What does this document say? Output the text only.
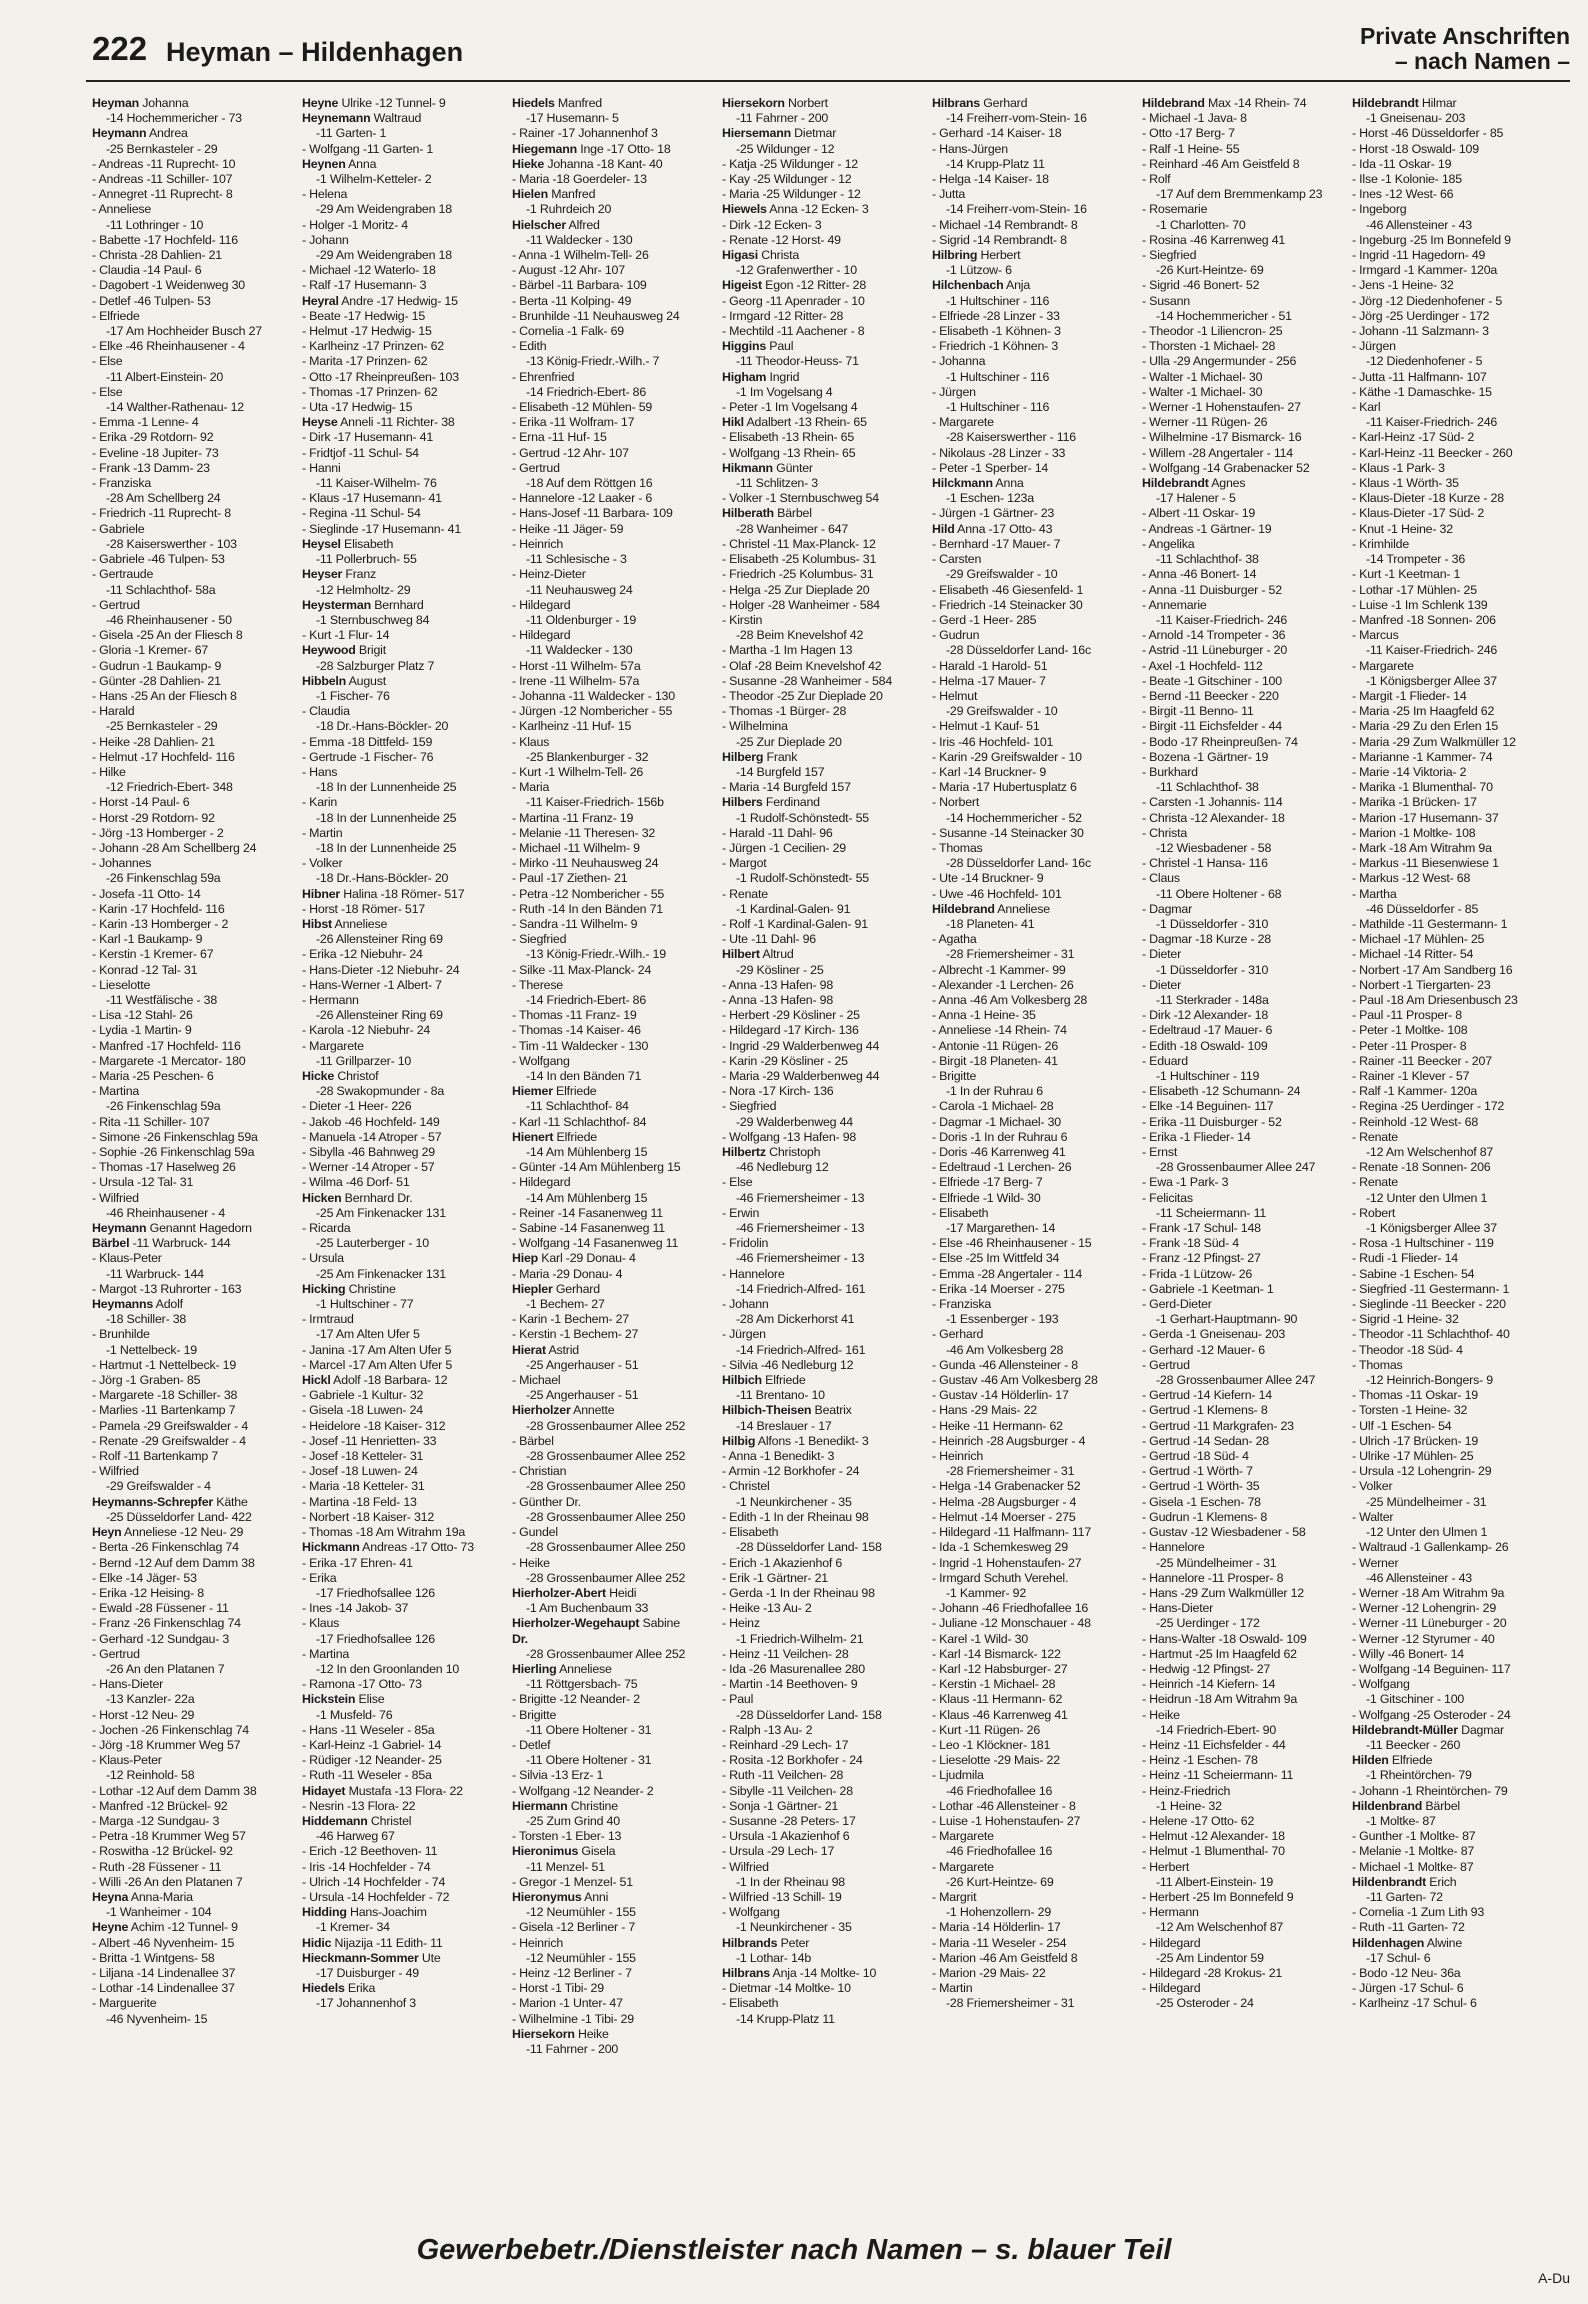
222 Heyman – Hildenhagen
Private Anschriften
– nach Namen –
Heyman Johanna
-14 Hochemmericher - 73
Heymann Andrea
-25 Bernkasteler - 29
- Andreas -11 Ruprecht- 10
- Andreas -11 Schiller- 107
- Annegret -11 Ruprecht- 8
- Anneliese
-11 Lothringer - 10
- Babette -17 Hochfeld- 116
- Christa -28 Dahlien- 21
- Claudia -14 Paul- 6
- Dagobert -1 Weidenweg 30
- Detlef -46 Tulpen- 53
- Elfriede
-17 Am Hochheider Busch 27
- Elke -46 Rheinhausener - 4
- Else
-11 Albert-Einstein- 20
- Else
-14 Walther-Rathenau- 12
- Emma -1 Lenne- 4
- Erika -29 Rotdorn- 92
- Eveline -18 Jupiter- 73
- Frank -13 Damm- 23
- Franziska
-28 Am Schellberg 24
- Friedrich -11 Ruprecht- 8
- Gabriele
-28 Kaiserswerther - 103
- Gabriele -46 Tulpen- 53
- Gertraude
-11 Schlachthof- 58a
- Gertrud
-46 Rheinhausener - 50
- Gisela -25 An der Fliesch 8
- Gloria -1 Kremer- 67
- Gudrun -1 Baukamp- 9
- Günter -28 Dahlien- 21
- Hans -25 An der Fliesch 8
- Harald
-25 Bernkasteler - 29
- Heike -28 Dahlien- 21
- Helmut -17 Hochfeld- 116
- Hilke
-12 Friedrich-Ebert- 348
- Horst -14 Paul- 6
- Horst -29 Rotdorn- 92
- Jörg -13 Homberger - 2
- Johann -28 Am Schellberg 24
- Johannes
-26 Finkenschlag 59a
- Josefa -11 Otto- 14
- Karin -17 Hochfeld- 116
- Karin -13 Homberger - 2
- Karl -1 Baukamp- 9
- Kerstin -1 Kremer- 67
- Konrad -12 Tal- 31
- Lieselotte
-11 Westfälische - 38
- Lisa -12 Stahl- 26
- Lydia -1 Martin- 9
- Manfred -17 Hochfeld- 116
- Margarete -1 Mercator- 180
- Maria -25 Peschen- 6
- Martina
-26 Finkenschlag 59a
- Rita -11 Schiller- 107
- Simone -26 Finkenschlag 59a
- Sophie -26 Finkenschlag 59a
- Thomas -17 Haselweg 26
- Ursula -12 Tal- 31
- Wilfried
-46 Rheinhausener - 4
Heymann Genannt Hagedorn
Bärbel -11 Warbruck- 144
- Klaus-Peter
-11 Warbruck- 144
- Margot -13 Ruhrorter - 163
Heymanns Adolf
-18 Schiller- 38
- Brunhilde
-1 Nettelbeck- 19
- Hartmut -1 Nettelbeck- 19
- Jörg -1 Graben- 85
- Margarete -18 Schiller- 38
- Marlies -11 Bartenkamp 7
- Pamela -29 Greifswalder - 4
- Renate -29 Greifswalder - 4
- Rolf -11 Bartenkamp 7
- Wilfried
-29 Greifswalder - 4
Heymanns-Schrepfer Käthe
-25 Düsseldorfer Land- 422
Heyn Anneliese -12 Neu- 29
- Berta -26 Finkenschlag 74
- Bernd -12 Auf dem Damm 38
- Elke -14 Jäger- 53
- Erika -12 Heising- 8
- Ewald -28 Füssener - 11
- Franz -26 Finkenschlag 74
- Gerhard -12 Sundgau- 3
- Gertrud
-26 An den Platanen 7
- Hans-Dieter
-13 Kanzler- 22a
- Horst -12 Neu- 29
- Jochen -26 Finkenschlag 74
- Jörg -18 Krummer Weg 57
- Klaus-Peter
-12 Reinhold- 58
- Lothar -12 Auf dem Damm 38
- Manfred -12 Brückel- 92
- Marga -12 Sundgau- 3
- Petra -18 Krummer Weg 57
- Roswitha -12 Brückel- 92
- Ruth -28 Füssener - 11
- Willi -26 An den Platanen 7
Heyna Anna-Maria
-1 Wanheimer - 104
Heyne Achim -12 Tunnel- 9
- Albert -46 Nyvenheim- 15
- Britta -1 Wintgens- 58
- Liljana -14 Lindenallee 37
- Lothar -14 Lindenallee 37
- Marguerite
-46 Nyvenheim- 15
Heyne Ulrike -12 Tunnel- 9
Heynemann Waltraud
-11 Garten- 1
- Wolfgang -11 Garten- 1
Heynen Anna
-1 Wilhelm-Ketteler- 2
- Helena
-29 Am Weidengraben 18
- Holger -1 Moritz- 4
- Johann
-29 Am Weidengraben 18
- Michael -12 Waterlo- 18
- Ralf -17 Husemann- 3
Heyral Andre -17 Hedwig- 15
- Beate -17 Hedwig- 15
- Helmut -17 Hedwig- 15
- Karlheinz -17 Prinzen- 62
- Marita -17 Prinzen- 62
- Otto -17 Rheinpreußen- 103
- Thomas -17 Prinzen- 62
- Uta -17 Hedwig- 15
Heyse Anneli -11 Richter- 38
- Dirk -17 Husemann- 41
- Fridtjof -11 Schul- 54
- Hanni
-11 Kaiser-Wilhelm- 76
- Klaus -17 Husemann- 41
- Regina -11 Schul- 54
- Sieglinde -17 Husemann- 41
Heysel Elisabeth
-11 Pollerbruch- 55
Heyser Franz
-12 Helmholtz- 29
Heysterman Bernhard
-1 Sternbuschweg 84
- Kurt -1 Flur- 14
Heywood Brigit
-28 Salzburger Platz 7
Hibbeln August
-1 Fischer- 76
- Claudia
-18 Dr.-Hans-Böckler- 20
- Emma -18 Dittfeld- 159
- Gertrude -1 Fischer- 76
- Hans
-18 In der Lunnenheide 25
- Karin
-18 In der Lunnenheide 25
- Martin
-18 In der Lunnenheide 25
- Volker
-18 Dr.-Hans-Böckler- 20
Hibner Halina -18 Römer- 517
- Horst -18 Römer- 517
Hibst Anneliese
-26 Allensteiner Ring 69
- Erika -12 Niebuhr- 24
- Hans-Dieter -12 Niebuhr- 24
- Hans-Werner -1 Albert- 7
- Hermann
-26 Allensteiner Ring 69
- Karola -12 Niebuhr- 24
- Margarete
-11 Grillparzer- 10
Hicke Christof
-28 Swakopmunder - 8a
- Dieter -1 Heer- 226
- Jakob -46 Hochfeld- 149
- Manuela -14 Atroper - 57
- Sibylla -46 Bahnweg 29
- Werner -14 Atroper - 57
- Wilma -46 Dorf- 51
Hicken Bernhard Dr.
-25 Am Finkenacker 131
- Ricarda
-25 Lauterberger - 10
- Ursula
-25 Am Finkenacker 131
Hicking Christine
-1 Hultschiner - 77
- Irmtraud
-17 Am Alten Ufer 5
- Janina -17 Am Alten Ufer 5
- Marcel -17 Am Alten Ufer 5
Hickl Adolf -18 Barbara- 12
- Gabriele -1 Kultur- 32
- Gisela -18 Luwen- 24
- Heidelore -18 Kaiser- 312
- Josef -11 Henrietten- 33
- Josef -18 Ketteler- 31
- Josef -18 Luwen- 24
- Maria -18 Ketteler- 31
- Martina -18 Feld- 13
- Norbert -18 Kaiser- 312
- Thomas -18 Am Witrahm 19a
Hickmann Andreas -17 Otto- 73
- Erika -17 Ehren- 41
- Erika
-17 Friedhofsallee 126
- Ines -14 Jakob- 37
- Klaus
-17 Friedhofsallee 126
- Martina
-12 In den Groonlanden 10
- Ramona -17 Otto- 73
Hickstein Elise
-1 Musfeld- 76
- Hans -11 Weseler - 85a
- Karl-Heinz -1 Gabriel- 14
- Rüdiger -12 Neander- 25
- Ruth -11 Weseler - 85a
Hidayet Mustafa -13 Flora- 22
- Nesrin -13 Flora- 22
Hiddemann Christel
-46 Harweg 67
- Erich -12 Beethoven- 11
- Iris -14 Hochfelder - 74
- Ulrich -14 Hochfelder - 74
- Ursula -14 Hochfelder - 72
Hidding Hans-Joachim
-1 Kremer- 34
Hidic Nijazija -11 Edith- 11
Hieckmann-Sommer Ute
-17 Duisburger - 49
Hiedels Erika
-17 Johannenhof 3
Hiedels Manfred
-17 Husemann- 5
- Rainer -17 Johannenhof 3
Hiegemann Inge -17 Otto- 18
Hieke Johanna -18 Kant- 40
- Maria -18 Goerdeler- 13
Hielen Manfred
-1 Ruhrdeich 20
Hielscher Alfred
-11 Waldecker - 130
- Anna -1 Wilhelm-Tell- 26
- August -12 Ahr- 107
- Bärbel -11 Barbara- 109
- Berta -11 Kolping- 49
- Brunhilde -11 Neuhausweg 24
- Cornelia -1 Falk- 69
- Edith
-13 König-Friedr.-Wilh.- 7
- Ehrenfried
-14 Friedrich-Ebert- 86
- Elisabeth -12 Mühlen- 59
- Erika -11 Wolfram- 17
- Erna -11 Huf- 15
- Gertrud -12 Ahr- 107
- Gertrud
-18 Auf dem Röttgen 16
- Hannelore -12 Laaker - 6
- Hans-Josef -11 Barbara- 109
- Heike -11 Jäger- 59
- Heinrich
-11 Schlesische - 3
- Heinz-Dieter
-11 Neuhausweg 24
- Hildegard
-11 Oldenburger - 19
- Hildegard
-11 Waldecker - 130
- Horst -11 Wilhelm- 57a
- Irene -11 Wilhelm- 57a
- Johanna -11 Waldecker - 130
- Jürgen -12 Nombericher - 55
- Karlheinz -11 Huf- 15
- Klaus
-25 Blankenburger - 32
- Kurt -1 Wilhelm-Tell- 26
- Maria
-11 Kaiser-Friedrich- 156b
- Martina -11 Franz- 19
- Melanie -11 Theresen- 32
- Michael -11 Wilhelm- 9
- Mirko -11 Neuhausweg 24
- Paul -17 Ziethen- 21
- Petra -12 Nombericher - 55
- Ruth -14 In den Bänden 71
- Sandra -11 Wilhelm- 9
- Siegfried
-13 König-Friedr.-Wilh.- 19
- Silke -11 Max-Planck- 24
- Therese
-14 Friedrich-Ebert- 86
- Thomas -11 Franz- 19
- Thomas -14 Kaiser- 46
- Tim -11 Waldecker - 130
- Wolfgang
-14 In den Bänden 71
Hiemer Elfriede
-11 Schlachthof- 84
- Karl -11 Schlachthof- 84
Hienert Elfriede
-14 Am Mühlenberg 15
- Günter -14 Am Mühlenberg 15
- Hildegard
-14 Am Mühlenberg 15
- Reiner -14 Fasanenweg 11
- Sabine -14 Fasanenweg 11
- Wolfgang -14 Fasanenweg 11
Hiep Karl -29 Donau- 4
- Maria -29 Donau- 4
Hiepler Gerhard
-1 Bechem- 27
- Karin -1 Bechem- 27
- Kerstin -1 Bechem- 27
Hierat Astrid
-25 Angerhauser - 51
- Michael
-25 Angerhauser - 51
Hierholzer Annette
-28 Grossenbaumer Allee 252
- Bärbel
-28 Grossenbaumer Allee 252
- Christian
-28 Grossenbaumer Allee 250
- Günther Dr.
-28 Grossenbaumer Allee 250
- Gundel
-28 Grossenbaumer Allee 250
- Heike
-28 Grossenbaumer Allee 252
Hierholzer-Abert Heidi
-1 Am Buchenbaum 33
Hierholzer-Wegehaupt Sabine
Dr.
-28 Grossenbaumer Allee 252
Hierling Anneliese
-11 Röttgersbach- 75
- Brigitte -12 Neander- 2
- Brigitte
-11 Obere Holtener - 31
- Detlef
-11 Obere Holtener - 31
- Silvia -13 Erz- 1
- Wolfgang -12 Neander- 2
Hiermann Christine
-25 Zum Grind 40
- Torsten -1 Eber- 13
Hieronimus Gisela
-11 Menzel- 51
- Gregor -1 Menzel- 51
Hieronymus Anni
-12 Neumühler - 155
- Gisela -12 Berliner - 7
- Heinrich
-12 Neumühler - 155
- Heinz -12 Berliner - 7
- Horst -1 Tibi- 29
- Marion -1 Unter- 47
- Wilhelmine -1 Tibi- 29
Hiersekorn Heike
-11 Fahrner - 200
Hiersekorn Norbert
-11 Fahrner - 200
Hiersemann Dietmar
-25 Wildunger - 12
- Katja -25 Wildunger - 12
- Kay -25 Wildunger - 12
- Maria -25 Wildunger - 12
Hiewels Anna -12 Ecken- 3
- Dirk -12 Ecken- 3
- Renate -12 Horst- 49
Higasi Christa
-12 Grafenwerther - 10
Higeist Egon -12 Ritter- 28
- Georg -11 Apenrader - 10
- Irmgard -12 Ritter- 28
- Mechtild -11 Aachener - 8
Higgins Paul
-11 Theodor-Heuss- 71
Higham Ingrid
-1 Im Vogelsang 4
- Peter -1 Im Vogelsang 4
Hikl Adalbert -13 Rhein- 65
- Elisabeth -13 Rhein- 65
- Wolfgang -13 Rhein- 65
Hikmann Günter
-11 Schlitzen- 3
- Volker -1 Sternbuschweg 54
Hilberath Bärbel
-28 Wanheimer - 647
- Christel -11 Max-Planck- 12
- Elisabeth -25 Kolumbus- 31
- Friedrich -25 Kolumbus- 31
- Helga -25 Zur Dieplade 20
- Holger -28 Wanheimer - 584
- Kirstin
-28 Beim Knevelshof 42
- Martha -1 Im Hagen 13
- Olaf -28 Beim Knevelshof 42
- Susanne -28 Wanheimer - 584
- Theodor -25 Zur Dieplade 20
- Thomas -1 Bürger- 28
- Wilhelmina
-25 Zur Dieplade 20
Hilberg Frank
-14 Burgfeld 157
- Maria -14 Burgfeld 157
Hilbers Ferdinand
-1 Rudolf-Schönstedt- 55
- Harald -11 Dahl- 96
- Jürgen -1 Cecilien- 29
- Margot
-1 Rudolf-Schönstedt- 55
- Renate
-1 Kardinal-Galen- 91
- Rolf -1 Kardinal-Galen- 91
- Ute -11 Dahl- 96
Hilbert Altrud
-29 Kösliner - 25
- Anna -13 Hafen- 98
- Anna -13 Hafen- 98
- Herbert -29 Kösliner - 25
- Hildegard -17 Kirch- 136
- Ingrid -29 Walderbenweg 44
- Karin -29 Kösliner - 25
- Maria -29 Walderbenweg 44
- Nora -17 Kirch- 136
- Siegfried
-29 Walderbenweg 44
- Wolfgang -13 Hafen- 98
Hilbertz Christoph
-46 Nedleburg 12
- Else
-46 Friemersheimer - 13
- Erwin
-46 Friemersheimer - 13
- Fridolin
-46 Friemersheimer - 13
- Hannelore
-14 Friedrich-Alfred- 161
- Johann
-28 Am Dickerhorst 41
- Jürgen
-14 Friedrich-Alfred- 161
- Silvia -46 Nedleburg 12
Hilbich Elfriede
-11 Brentano- 10
Hilbich-Theisen Beatrix
-14 Breslauer - 17
Hilbig Alfons -1 Benedikt- 3
- Anna -1 Benedikt- 3
- Armin -12 Borkhofer - 24
- Christel
-1 Neunkirchener - 35
- Edith -1 In der Rheinau 98
- Elisabeth
-28 Düsseldorfer Land- 158
- Erich -1 Akazienhof 6
- Erik -1 Gärtner- 21
- Gerda -1 In der Rheinau 98
- Heike -13 Au- 2
- Heinz
-1 Friedrich-Wilhelm- 21
- Heinz -11 Veilchen- 28
- Ida -26 Masurenallee 280
- Martin -14 Beethoven- 9
- Paul
-28 Düsseldorfer Land- 158
- Ralph -13 Au- 2
- Reinhard -29 Lech- 17
- Rosita -12 Borkhofer - 24
- Ruth -11 Veilchen- 28
- Sibylle -11 Veilchen- 28
- Sonja -1 Gärtner- 21
- Susanne -28 Peters- 17
- Ursula -1 Akazienhof 6
- Ursula -29 Lech- 17
- Wilfried
-1 In der Rheinau 98
- Wilfried -13 Schill- 19
- Wolfgang
-1 Neunkirchener - 35
Hilbrands Peter
-1 Lothar- 14b
Hilbrans Anja -14 Moltke- 10
- Dietmar -14 Moltke- 10
- Elisabeth
-14 Krupp-Platz 11
Hilbrans Gerhard
-14 Freiherr-vom-Stein- 16
- Gerhard -14 Kaiser- 18
- Hans-Jürgen
-14 Krupp-Platz 11
- Helga -14 Kaiser- 18
- Jutta
-14 Freiherr-vom-Stein- 16
- Michael -14 Rembrandt- 8
- Sigrid -14 Rembrandt- 8
Hilbring Herbert
-1 Lützow- 6
Hilchenbach Anja
-1 Hultschiner - 116
- Elfriede -28 Linzer - 33
- Elisabeth -1 Köhnen- 3
- Friedrich -1 Köhnen- 3
- Johanna
-1 Hultschiner - 116
- Jürgen
-1 Hultschiner - 116
- Margarete
-28 Kaiserswerther - 116
- Nikolaus -28 Linzer - 33
- Peter -1 Sperber- 14
Hilckmann Anna
-1 Eschen- 123a
- Jürgen -1 Gärtner- 23
Hild Anna -17 Otto- 43
- Bernhard -17 Mauer- 7
- Carsten
-29 Greifswalder - 10
- Elisabeth -46 Giesenfeld- 1
- Friedrich -14 Steinacker 30
- Gerd -1 Heer- 285
- Gudrun
-28 Düsseldorfer Land- 16c
- Harald -1 Harold- 51
- Helma -17 Mauer- 7
- Helmut
-29 Greifswalder - 10
- Helmut -1 Kauf- 51
- Iris -46 Hochfeld- 101
- Karin -29 Greifswalder - 10
- Karl -14 Bruckner- 9
- Maria -17 Hubertusplatz 6
- Norbert
-14 Hochemmericher - 52
- Susanne -14 Steinacker 30
- Thomas
-28 Düsseldorfer Land- 16c
- Ute -14 Bruckner- 9
- Uwe -46 Hochfeld- 101
Hildebrand Anneliese
-18 Planeten- 41
- Agatha
-28 Friemersheimer - 31
- Albrecht -1 Kammer- 99
- Alexander -1 Lerchen- 26
- Anna -46 Am Volkesberg 28
- Anna -1 Heine- 35
- Anneliese -14 Rhein- 74
- Antonie -11 Rügen- 26
- Birgit -18 Planeten- 41
- Brigitte
-1 In der Ruhrau 6
- Carola -1 Michael- 28
- Dagmar -1 Michael- 30
- Doris -1 In der Ruhrau 6
- Doris -46 Karrenweg 41
- Edeltraud -1 Lerchen- 26
- Elfriede -17 Berg- 7
- Elfriede -1 Wild- 30
- Elisabeth
-17 Margarethen- 14
- Else -46 Rheinhausener - 15
- Else -25 Im Wittfeld 34
- Emma -28 Angertaler - 114
- Erika -14 Moerser - 275
- Franziska
-1 Essenberger - 193
- Gerhard
-46 Am Volkesberg 28
- Gunda -46 Allensteiner - 8
- Gustav -46 Am Volkesberg 28
- Gustav -14 Hölderlin- 17
- Hans -29 Mais- 22
- Heike -11 Hermann- 62
- Heinrich -28 Augsburger - 4
- Heinrich
-28 Friemersheimer - 31
- Helga -14 Grabenacker 52
- Helma -28 Augsburger - 4
- Helmut -14 Moerser - 275
- Hildegard -11 Halfmann- 117
- Ida -1 Schemkesweg 29
- Ingrid -1 Hohenstaufen- 27
- Irmgard Schuth Verehel.
-1 Kammer- 92
- Johann -46 Friedhofallee 16
- Juliane -12 Monschauer - 48
- Karel -1 Wild- 30
- Karl -14 Bismarck- 122
- Karl -12 Habsburger- 27
- Kerstin -1 Michael- 28
- Klaus -11 Hermann- 62
- Klaus -46 Karrenweg 41
- Kurt -11 Rügen- 26
- Leo -1 Klöckner- 181
- Lieselotte -29 Mais- 22
- Ljudmila
-46 Friedhofallee 16
- Lothar -46 Allensteiner - 8
- Luise -1 Hohenstaufen- 27
- Margarete
-46 Friedhofallee 16
- Margarete
-26 Kurt-Heintze- 69
- Margrit
-1 Hohenzollern- 29
- Maria -14 Hölderlin- 17
- Maria -11 Weseler - 254
- Marion -46 Am Geistfeld 8
- Marion -29 Mais- 22
- Martin
-28 Friemersheimer - 31
Hildebrand Max -14 Rhein- 74
- Michael -1 Java- 8
- Otto -17 Berg- 7
- Ralf -1 Heine- 55
- Reinhard -46 Am Geistfeld 8
- Rolf
-17 Auf dem Bremmenkamp 23
- Rosemarie
-1 Charlotten- 70
- Rosina -46 Karrenweg 41
- Siegfried
-26 Kurt-Heintze- 69
- Sigrid -46 Bonert- 52
- Susann
-14 Hochemmericher - 51
- Theodor -1 Liliencron- 25
- Thorsten -1 Michael- 28
- Ulla -29 Angermunder - 256
- Walter -1 Michael- 30
- Walter -1 Michael- 30
- Werner -1 Hohenstaufen- 27
- Werner -11 Rügen- 26
- Wilhelmine -17 Bismarck- 16
- Willem -28 Angertaler - 114
- Wolfgang -14 Grabenacker 52
Hildebrandt Agnes
-17 Halener - 5
- Albert -11 Oskar- 19
- Andreas -1 Gärtner- 19
- Angelika
-11 Schlachthof- 38
- Anna -46 Bonert- 14
- Anna -11 Duisburger - 52
- Annemarie
-11 Kaiser-Friedrich- 246
- Arnold -14 Trompeter - 36
- Astrid -11 Lüneburger - 20
- Axel -1 Hochfeld- 112
- Beate -1 Gitschiner - 100
- Bernd -11 Beecker - 220
- Birgit -11 Benno- 11
- Birgit -11 Eichsfelder - 44
- Bodo -17 Rheinpreußen- 74
- Bozena -1 Gärtner- 19
- Burkhard
-11 Schlachthof- 38
- Carsten -1 Johannis- 114
- Christa -12 Alexander- 18
- Christa
-12 Wiesbadener - 58
- Christel -1 Hansa- 116
- Claus
-11 Obere Holtener - 68
- Dagmar
-1 Düsseldorfer - 310
- Dagmar -18 Kurze - 28
- Dieter
-1 Düsseldorfer - 310
- Dieter
-11 Sterkrader - 148a
- Dirk -12 Alexander- 18
- Edeltraud -17 Mauer- 6
- Edith -18 Oswald- 109
- Eduard
-1 Hultschiner - 119
- Elisabeth -12 Schumann- 24
- Elke -14 Beguinen- 117
- Erika -11 Duisburger - 52
- Erika -1 Flieder- 14
- Ernst
-28 Grossenbaumer Allee 247
- Ewa -1 Park- 3
- Felicitas
-11 Scheiermann- 11
- Frank -17 Schul- 148
- Frank -18 Süd- 4
- Franz -12 Pfingst- 27
- Frida -1 Lützow- 26
- Gabriele -1 Keetman- 1
- Gerd-Dieter
-1 Gerhart-Hauptmann- 90
- Gerda -1 Gneisenau- 203
- Gerhard -12 Mauer- 6
- Gertrud
-28 Grossenbaumer Allee 247
- Gertrud -14 Kiefern- 14
- Gertrud -1 Klemens- 8
- Gertrud -11 Markgrafen- 23
- Gertrud -14 Sedan- 28
- Gertrud -18 Süd- 4
- Gertrud -1 Wörth- 7
- Gertrud -1 Wörth- 35
- Gisela -1 Eschen- 78
- Gudrun -1 Klemens- 8
- Gustav -12 Wiesbadener - 58
- Hannelore
-25 Mündelheimer - 31
- Hannelore -11 Prosper- 8
- Hans -29 Zum Walkmüller 12
- Hans-Dieter
-25 Uerdinger - 172
- Hans-Walter -18 Oswald- 109
- Hartmut -25 Im Haagfeld 62
- Hedwig -12 Pfingst- 27
- Heinrich -14 Kiefern- 14
- Heidrun -18 Am Witrahm 9a
- Heike
-14 Friedrich-Ebert- 90
- Heinz -11 Eichsfelder - 44
- Heinz -1 Eschen- 78
- Heinz -11 Scheiermann- 11
- Heinz-Friedrich
-1 Heine- 32
- Helene -17 Otto- 62
- Helmut -12 Alexander- 18
- Helmut -1 Blumenthal- 70
- Herbert
-11 Albert-Einstein- 19
- Herbert -25 Im Bonnefeld 9
- Hermann
-12 Am Welschenhof 87
- Hildegard
-25 Am Lindentor 59
- Hildegard -28 Krokus- 21
- Hildegard
-25 Osteroder - 24
Hildebrandt Hilmar
-1 Gneisenau- 203
- Horst -46 Düsseldorfer - 85
- Horst -18 Oswald- 109
- Ida -11 Oskar- 19
- Ilse -1 Kolonie- 185
- Ines -12 West- 66
- Ingeborg
-46 Allensteiner - 43
- Ingeburg -25 Im Bonnefeld 9
- Ingrid -11 Hagedorn- 49
- Irmgard -1 Kammer- 120a
- Jens -1 Heine- 32
- Jörg -12 Diedenhofener - 5
- Jörg -25 Uerdinger - 172
- Johann -11 Salzmann- 3
- Jürgen
-12 Diedenhofener - 5
- Jutta -11 Halfmann- 107
- Käthe -1 Damaschke- 15
- Karl
-11 Kaiser-Friedrich- 246
- Karl-Heinz -17 Süd- 2
- Karl-Heinz -11 Beecker - 260
- Klaus -1 Park- 3
- Klaus -1 Wörth- 35
- Klaus-Dieter -18 Kurze - 28
- Klaus-Dieter -17 Süd- 2
- Knut -1 Heine- 32
- Krimhilde
-14 Trompeter - 36
- Kurt -1 Keetman- 1
- Lothar -17 Mühlen- 25
- Luise -1 Im Schlenk 139
- Manfred -18 Sonnen- 206
- Marcus
-11 Kaiser-Friedrich- 246
- Margarete
-1 Königsberger Allee 37
- Margit -1 Flieder- 14
- Maria -25 Im Haagfeld 62
- Maria -29 Zu den Erlen 15
- Maria -29 Zum Walkmüller 12
- Marianne -1 Kammer- 74
- Marie -14 Viktoria- 2
- Marika -1 Blumenthal- 70
- Marika -1 Brücken- 17
- Marion -17 Husemann- 37
- Marion -1 Moltke- 108
- Mark -18 Am Witrahm 9a
- Markus -11 Biesenwiese 1
- Markus -12 West- 68
- Martha
-46 Düsseldorfer - 85
- Mathilde -11 Gestermann- 1
- Michael -17 Mühlen- 25
- Michael -14 Ritter- 54
- Norbert -17 Am Sandberg 16
- Norbert -1 Tiergarten- 23
- Paul -18 Am Driesenbusch 23
- Paul -11 Prosper- 8
- Peter -1 Moltke- 108
- Peter -11 Prosper- 8
- Rainer -11 Beecker - 207
- Rainer -1 Klever - 57
- Ralf -1 Kammer- 120a
- Regina -25 Uerdinger - 172
- Reinhold -12 West- 68
- Renate
-12 Am Welschenhof 87
- Renate -18 Sonnen- 206
- Renate
-12 Unter den Ulmen 1
- Robert
-1 Königsberger Allee 37
- Rosa -1 Hultschiner - 119
- Rudi -1 Flieder- 14
- Sabine -1 Eschen- 54
- Siegfried -11 Gestermann- 1
- Sieglinde -11 Beecker - 220
- Sigrid -1 Heine- 32
- Theodor -11 Schlachthof- 40
- Theodor -18 Süd- 4
- Thomas
-12 Heinrich-Bongers- 9
- Thomas -11 Oskar- 19
- Torsten -1 Heine- 32
- Ulf -1 Eschen- 54
- Ulrich -17 Brücken- 19
- Ulrike -17 Mühlen- 25
- Ursula -12 Lohengrin- 29
- Volker
-25 Mündelheimer - 31
- Walter
-12 Unter den Ulmen 1
- Waltraud -1 Gallenkamp- 26
- Werner
-46 Allensteiner - 43
- Werner -18 Am Witrahm 9a
- Werner -12 Lohengrin- 29
- Werner -11 Lüneburger - 20
- Werner -12 Styrumer - 40
- Willy -46 Bonert- 14
- Wolfgang -14 Beguinen- 117
- Wolfgang
-1 Gitschiner - 100
- Wolfgang -25 Osteroder - 24
Hildebrandt-Müller Dagmar
-11 Beecker - 260
Hilden Elfriede
-1 Rheintörchen- 79
- Johann -1 Rheintörchen- 79
Hildenbrand Bärbel
-1 Moltke- 87
- Gunther -1 Moltke- 87
- Melanie -1 Moltke- 87
- Michael -1 Moltke- 87
Hildenbrandt Erich
-11 Garten- 72
- Cornelia -1 Zum Lith 93
- Ruth -11 Garten- 72
Hildenhagen Alwine
-17 Schul- 6
- Bodo -12 Neu- 36a
- Jürgen -17 Schul- 6
- Karlheinz -17 Schul- 6
Gewerbebetr./Dienstleister nach Namen – s. blauer Teil
A-Du
